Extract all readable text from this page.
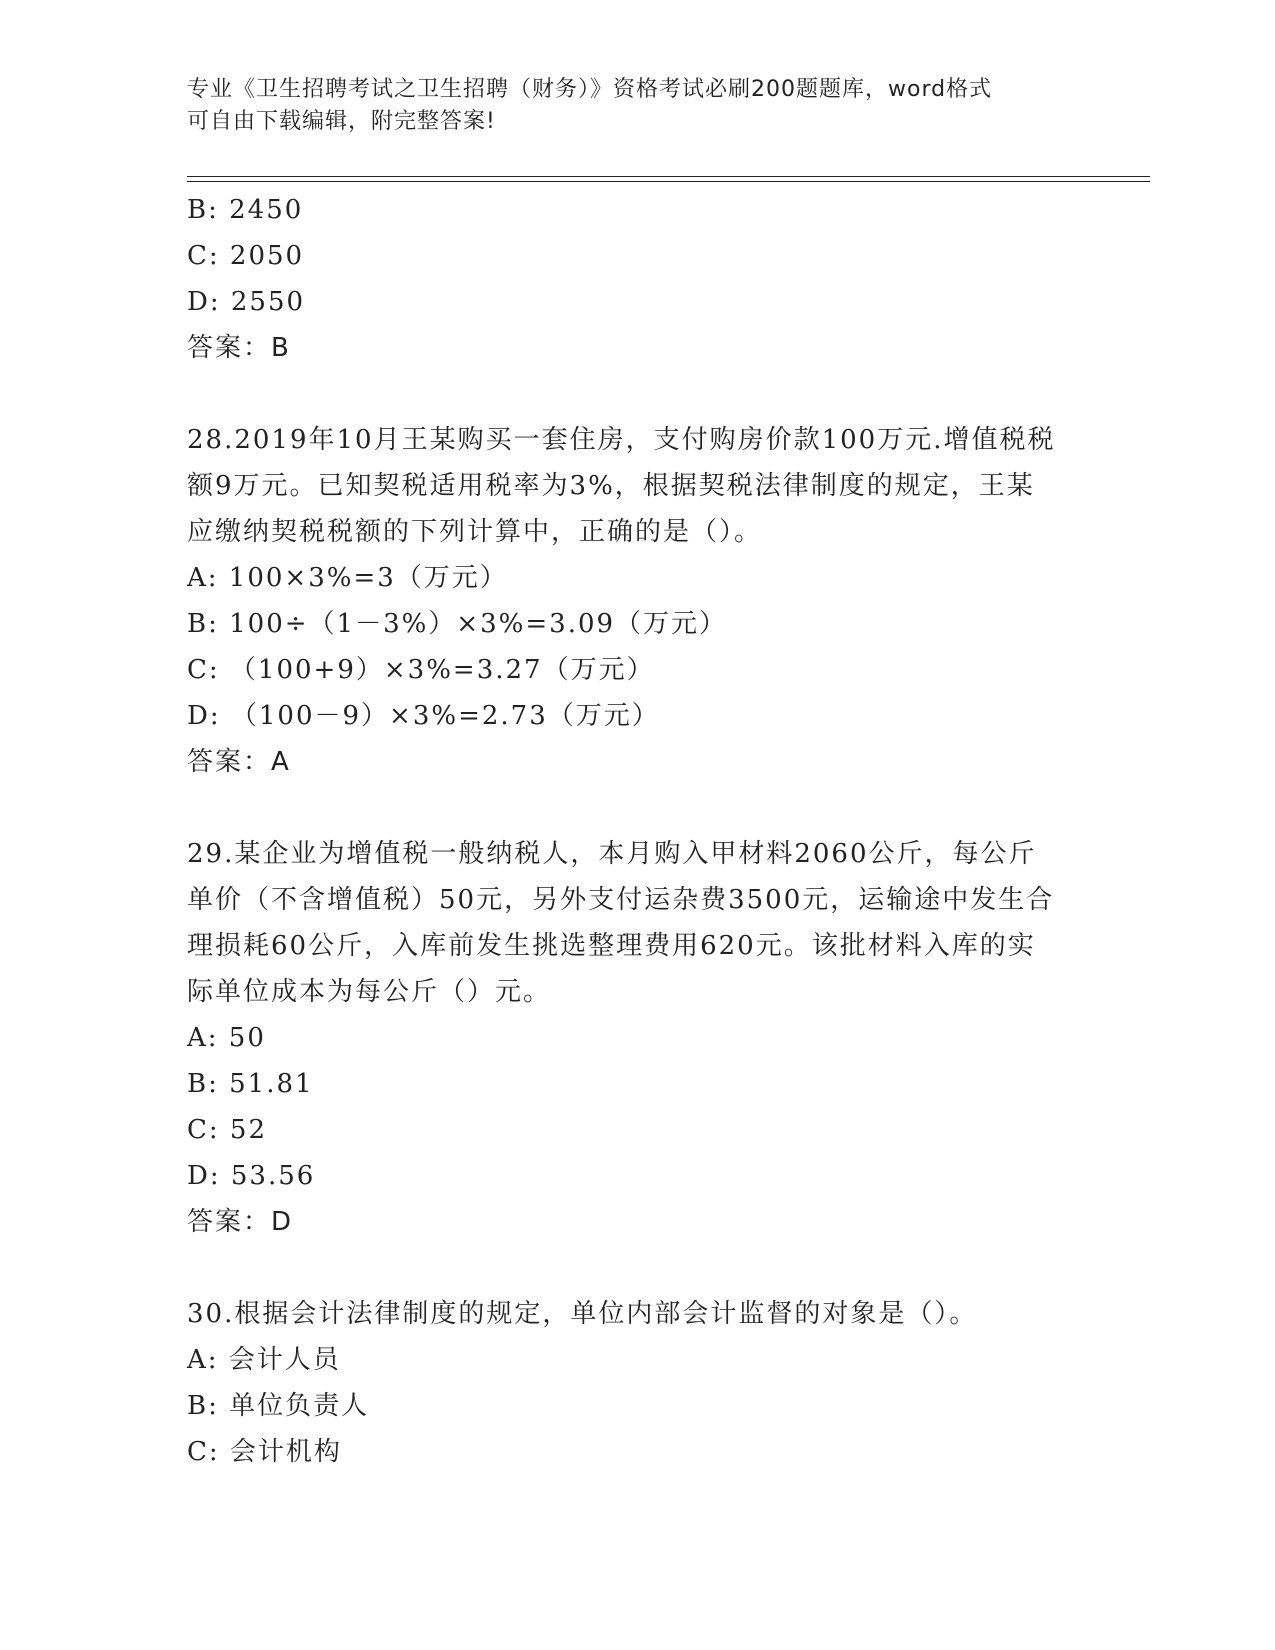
专业《卫生招聘考试之卫生招聘（财务）》资格考试必刷200题题库，word格式
可自由下载编辑，附完整答案!
B: 2450
C: 2050
D: 2550
答案：B
28.2019年10月王某购买一套住房，支付购房价款100万元.增值税税
额9万元。已知契税适用税率为3%，根据契税法律制度的规定，王某
应缴纳契税税额的下列计算中，正确的是（）。
A: 100×3%=3（万元）
B: 100÷（1－3%）×3%=3.09（万元）
C: （100+9）×3%=3.27（万元）
D: （100－9）×3%=2.73（万元）
答案：A
29.某企业为增值税一般纳税人，本月购入甲材料2060公斤，每公斤
单价（不含增值税）50元，另外支付运杂费3500元，运输途中发生合
理损耗60公斤，入库前发生挑选整理费用620元。该批材料入库的实
际单位成本为每公斤（）元。
A: 50
B: 51.81
C: 52
D: 53.56
答案：D
30.根据会计法律制度的规定，单位内部会计监督的对象是（）。
A: 会计人员
B: 单位负责人
C: 会计机构
